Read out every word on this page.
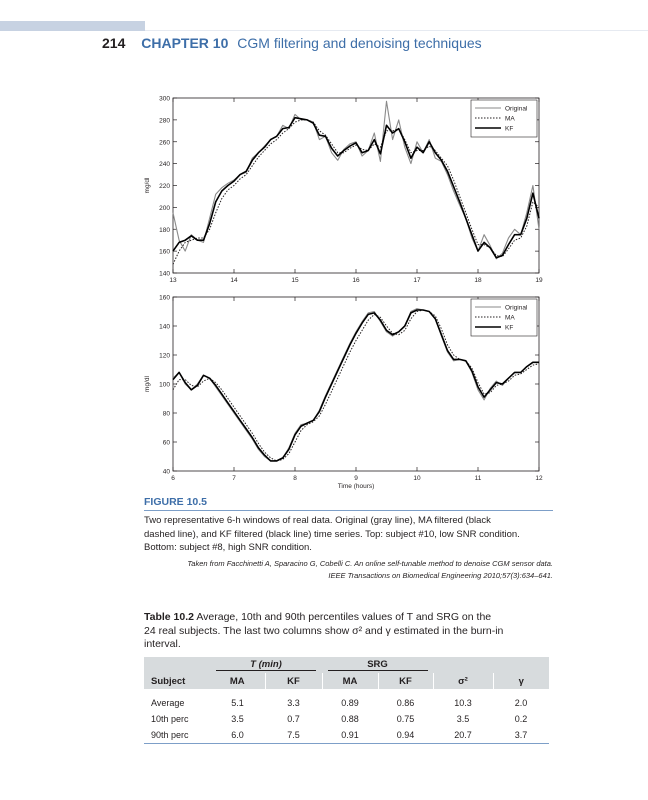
214 CHAPTER 10 CGM filtering and denoising techniques
140
160
180
200
220
240
260
280
300
13	14	15	16	17	18	19
mg/dl
Original
MA
KF
40
60
80
100
120
140
160
6	7	8	9	10	11	12
mg/dl
Time (hours)
Original
MA
KF
FIGURE 10.5
Two representative 6-h windows of real data. Original (gray line), MA filtered (black
dashed line), and KF filtered (black line) time series. Top: subject #10, low SNR condition.
Bottom: subject #8, high SNR condition.
Taken from Facchinetti A, Sparacino G, Cobelli C. An online self-tunable method to denoise CGM sensor data.
IEEE Transactions on Biomedical Engineering 2010;57(3):634–641.
Table 10.2 Average, 10th and 90th percentiles values of T and SRG on the
24 real subjects. The last two columns show σ² and γ estimated in the burn-in
interval.
	T (min)		SRG			
Subject	MA	KF	MA	KF	σ²	γ
Average	5.1	3.3	0.89	0.86	10.3	2.0
10th perc	3.5	0.7	0.88	0.75	3.5	0.2
90th perc	6.0	7.5	0.91	0.94	20.7	3.7
